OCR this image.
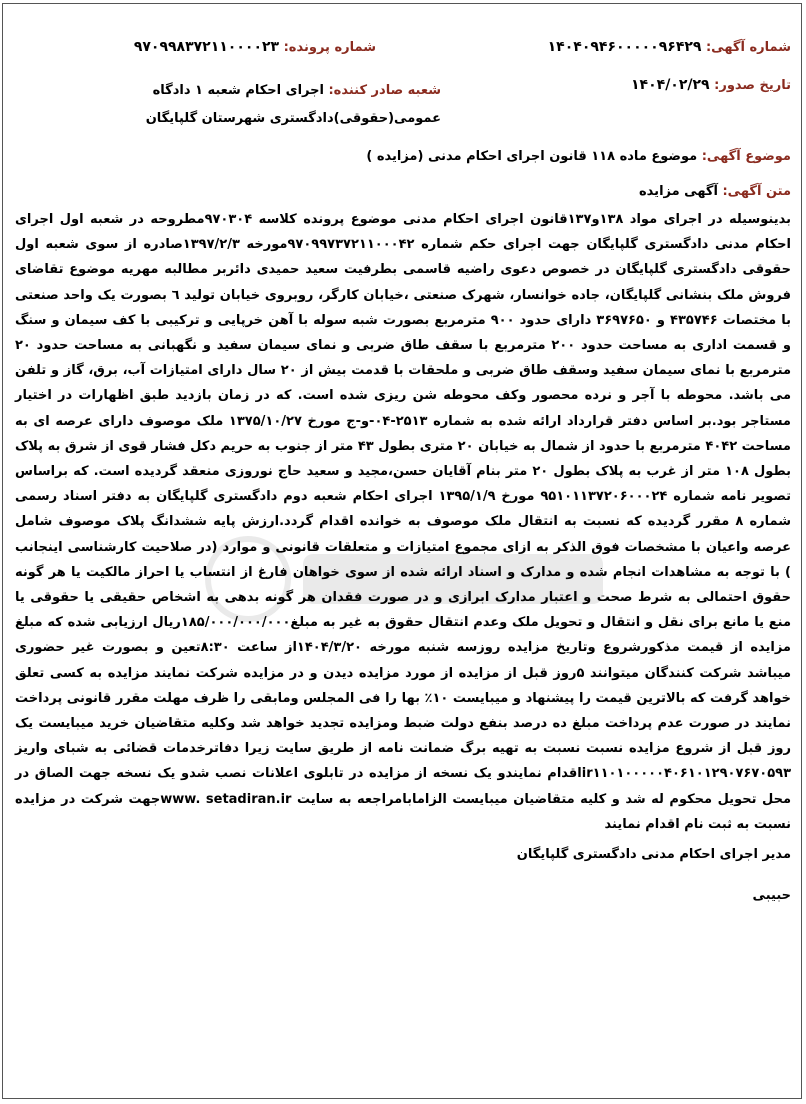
شماره آگهی: ۱۴۰۴۰۹۴۶۰۰۰۰۰۹۶۴۲۹
شماره پرونده: ۹۷۰۹۹۸۳۷۲۱۱۰۰۰۰۲۳
تاریخ صدور: ۱۴۰۴/۰۲/۲۹
شعبه صادر کننده: اجرای احکام شعبه ۱ دادگاه عمومی(حقوقی)دادگستری شهرستان گلپایگان
موضوع آگهی: موضوع ماده ۱۱۸ قانون اجرای احکام مدنی (مزایده )
متن آگهی: آگهی مزایده
بدینوسیله در اجرای مواد ۱۳۸و۱۳۷قانون اجرای احکام مدنی موضوع پرونده کلاسه ۹۷۰۳۰۴مطروحه در شعبه اول اجرای احکام مدنی دادگستری گلپایگان جهت اجرای حکم شماره ۹۷۰۹۹۷۳۷۲۱۱۰۰۰۴۲مورخه ۱۳۹۷/۲/۳صادره از سوی شعبه اول حقوقی دادگستری گلپایگان در خصوص دعوی راضیه قاسمی بطرفیت سعید حمیدی دائربر مطالبه مهریه موضوع تقاضای فروش ملک بنشانی گلپایگان، جاده خوانسار، شهرک صنعتی ،خیابان کارگر، روبروی خیابان تولید ٦ بصورت یک واحد صنعتی با مختصات ۴۳۵۷۴۶ و ۳۶۹۷۶۵۰ دارای حدود ۹۰۰ مترمربع بصورت شبه سوله با آهن خرپایی و ترکیبی با کف سیمان و سنگ و قسمت اداری به مساحت حدود ۲۰۰ مترمربع با سقف طاق ضربی و نمای سیمان سفید و نگهبانی به مساحت حدود ۲۰ مترمربع با نمای سیمان سفید وسقف طاق ضربی و ملحقات با قدمت بیش از ۲۰ سال دارای امتیازات آب، برق، گاز و تلفن می باشد. محوطه با آجر و نرده محصور وکف محوطه شن ریزی شده است. که در زمان بازدید طبق اظهارات در اختیار مستاجر بود.بر اساس دفتر قرارداد ارائه شده به شماره ۲۵۱۳-۰۴-و-ج مورخ ۱۳۷۵/۱۰/۲۷ ملک موصوف دارای عرصه ای به مساحت ۴۰۴۲ مترمربع با حدود از شمال به خیابان ۲۰ متری بطول ۴۳ متر از جنوب به حریم دکل فشار قوی از شرق به پلاک بطول ۱۰۸ متر از غرب به پلاک بطول ۲۰ متر بنام آقایان حسن،مجید و سعید حاج نوروزی منعقد گردیده است. که براساس تصویر نامه شماره ۹۵۱۰۱۱۳۷۲۰۶۰۰۰۲۴ مورخ ۱۳۹۵/۱/۹ اجرای احکام شعبه دوم دادگستری گلپایگان به دفتر اسناد رسمی شماره ۸ مقرر گردیده که نسبت به انتقال ملک موصوف به خوانده اقدام گردد.ارزش پایه ششدانگ پلاک موصوف شامل عرصه واعیان با مشخصات فوق الذکر به ازای مجموع امتیازات و متعلقات قانونی و موارد (در صلاحیت کارشناسی اینجانب ) با توجه به مشاهدات انجام شده و مدارک و اسناد ارائه شده از سوی خواهان فارغ از انتساب یا احراز مالکیت یا هر گونه حقوق احتمالی به شرط صحت و اعتبار مدارک ابرازی و در صورت فقدان هر گونه بدهی به اشخاص حقیقی یا حقوقی یا منع یا مانع برای نقل و انتقال و تحویل ملک وعدم انتقال حقوق به غیر به مبلغ۱۸۵/۰۰۰/۰۰۰/۰۰۰ریال ارزیابی شده که مبلغ مزایده از قیمت مذکورشروع وتاریخ مزایده روزسه شنبه مورخه ۱۴۰۴/۳/۲۰از ساعت ۸:۳۰تعین و بصورت غیر حضوری میباشد شرکت کنندگان میتوانند ۵روز قبل از مزایده از مورد مزایده دیدن و در مزایده شرکت نمایند مزایده به کسی تعلق خواهد گرفت که بالاترین قیمت را پیشنهاد و میبایست ۱۰٪ بها را فی المجلس ومابقی را ظرف مهلت مقرر قانونی پرداخت نمایند در صورت عدم پرداخت مبلغ ده درصد بنفع دولت ضبط ومزایده تجدید خواهد شد وکلیه متقاضیان خرید میبایست یک روز قبل از شروع مزایده نسبت نسبت به تهیه برگ ضمانت نامه از طریق سایت زیرا دفاترخدمات قضائی به شبای واریز ir۱۱۰۱۰۰۰۰۰۴۰۶۱۰۱۲۹۰۷۶۷۰۵۹۳اقدام نمایندو یک نسخه از مزایده در تابلوی اعلانات نصب شدو یک نسخه جهت الصاق در محل تحویل محکوم له شد و کلیه متقاضیان میبایست الزامابامراجعه به سایت www. setadiran.irجهت شرکت در مزایده نسبت به ثبت نام اقدام نمایند
مدیر اجرای احکام مدنی دادگستری گلپایگان
حبیبی
